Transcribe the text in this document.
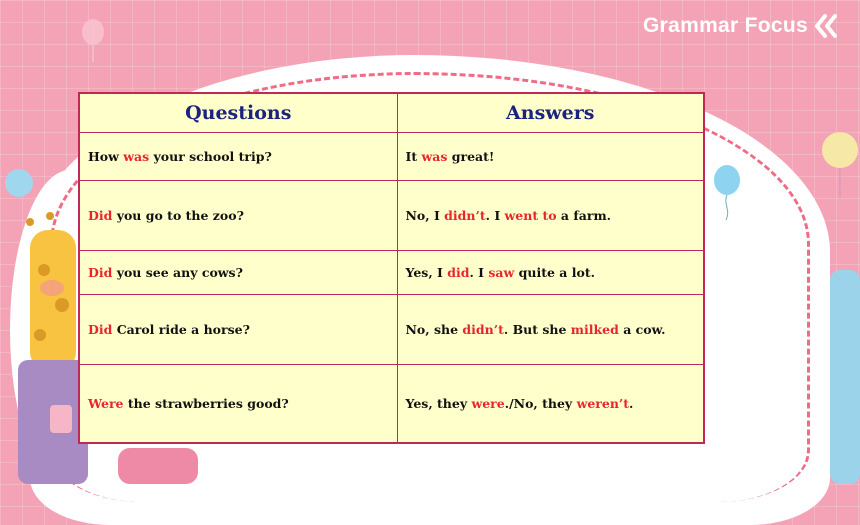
Grammar Focus
Questions	Answers
How was your school trip?	It was great!
Did you go to the zoo?	No, I didn’t. I went to a farm.
Did you see any cows?	Yes, I did. I saw quite a lot.
Did Carol ride a horse?	No, she didn’t. But she milked a cow.
Were the strawberries good?	Yes, they were./No, they weren’t.
